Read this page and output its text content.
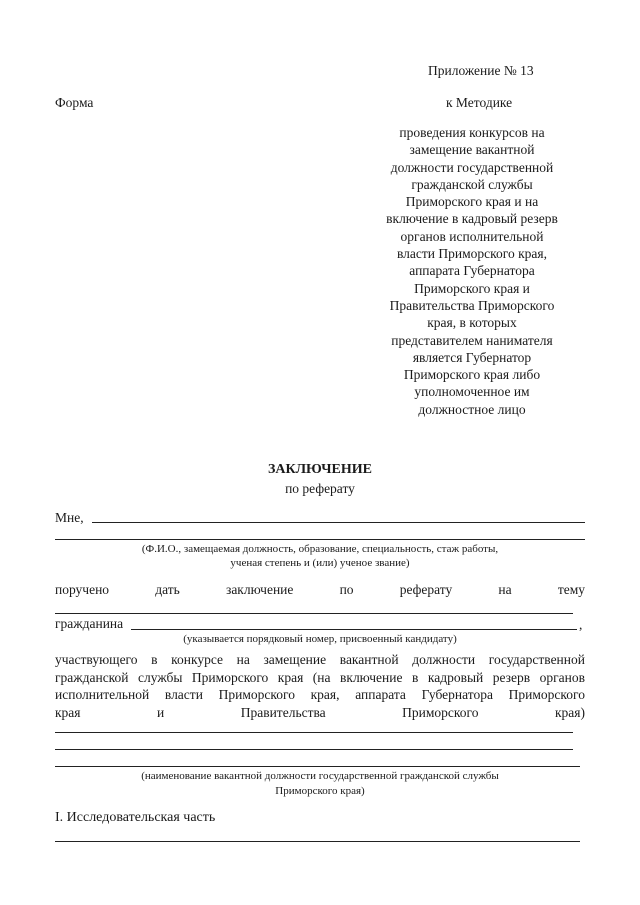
Приложение № 13
Форма	к Методике
проведения конкурсов на
замещение вакантной
должности государственной
гражданской службы
Приморского края и на
включение в кадровый резерв
органов исполнительной
власти Приморского края,
аппарата Губернатора
Приморского края и
Правительства Приморского
края, в которых
представителем нанимателя
является Губернатор
Приморского края либо
уполномоченное им
должностное лицо
ЗАКЛЮЧЕНИЕ
по реферату
Мне,
(Ф.И.О., замещаемая должность, образование, специальность, стаж работы,
ученая степень и (или) ученое звание)
поручено	дать	заключение	по	реферату	на	тему
гражданина	,
(указывается порядковый номер, присвоенный кандидату)
участвующего в конкурсе на замещение вакантной должности государственной
гражданской службы Приморского края (на включение в кадровый резерв органов
исполнительной власти Приморского края, аппарата Губернатора Приморского
края и Правительства Приморского края)
(наименование вакантной должности государственной гражданской службы
Приморского края)
I. Исследовательская часть
